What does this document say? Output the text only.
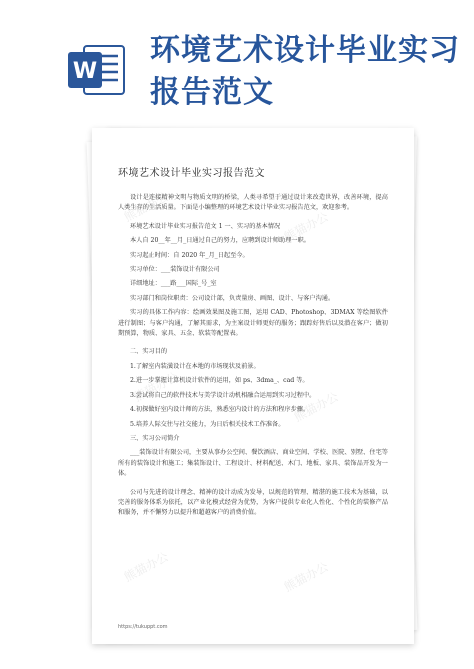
W
环境艺术设计毕业实习报告范文
环境艺术设计毕业实习报告范文
设计是连接精神文明与物质文明的桥梁，人类寻希望于通过设计来改造世界，改善环境，提高人类生存的生活质量。下面是小编整理的环境艺术设计毕业实习报告范文，欢迎参考。
环境艺术设计毕业实习报告范文 1 一、实习的基本情况
本人自 20__年__月_日通过自己的努力，应聘到设计师助理一职。
实习起止时间：自 2020 年_月_日起至今。
实习单位：___装饰设计有限公司
详细地址：___路___国际_号_室
实习部门和岗位职责：公司设计部，负责量房、画图、设计、与客户沟通。
实习的具体工作内容：绘画效果图及施工图，运用 CAD、Photoshop、3DMAX 等绘图软件进行制图；与客户沟通，了解其需求，为主案设计师更好的服务；跟踪好售后以及潜在客户；做初期预算，物质、家具、五金、软装等配置表。
二、实习目的
1.了解室内装潢设计在本地的市场现状及前景。
2.进一步掌握计算机设计软件的运用，如 ps、3dma_、cad 等。
3.尝试将自己的软件技术与美学设计动机相融合运用到实习过程中。
4.初探做好室内设计师的方法，熟悉室内设计的方法和程序步骤。
5.培养人际交往与社交能力，为日后相关技术工作准备。
三、实习公司简介
___装饰设计有限公司，主要从事办公空间、餐饮酒店、商业空间、学校、医院、别墅、住宅等所有的装饰设计和施工；集装饰设计、工程设计、材料配送、木门、地板、家具、装饰品开发为一体。
公司与先进的设计理念、精神的设计动成为发导，以规范的管理、精湛的施工技术为基础，以完善的服务体系为依托，以产业化模式经营为优势，为客户提供专业化人性化、个性化的装修产品和服务，并不懈努力以提升和超越客户的消费价值。
https://tukuppt.com
熊猫办公
熊猫办公
熊猫办公
熊猫办公
熊猫办公	熊猫办公
